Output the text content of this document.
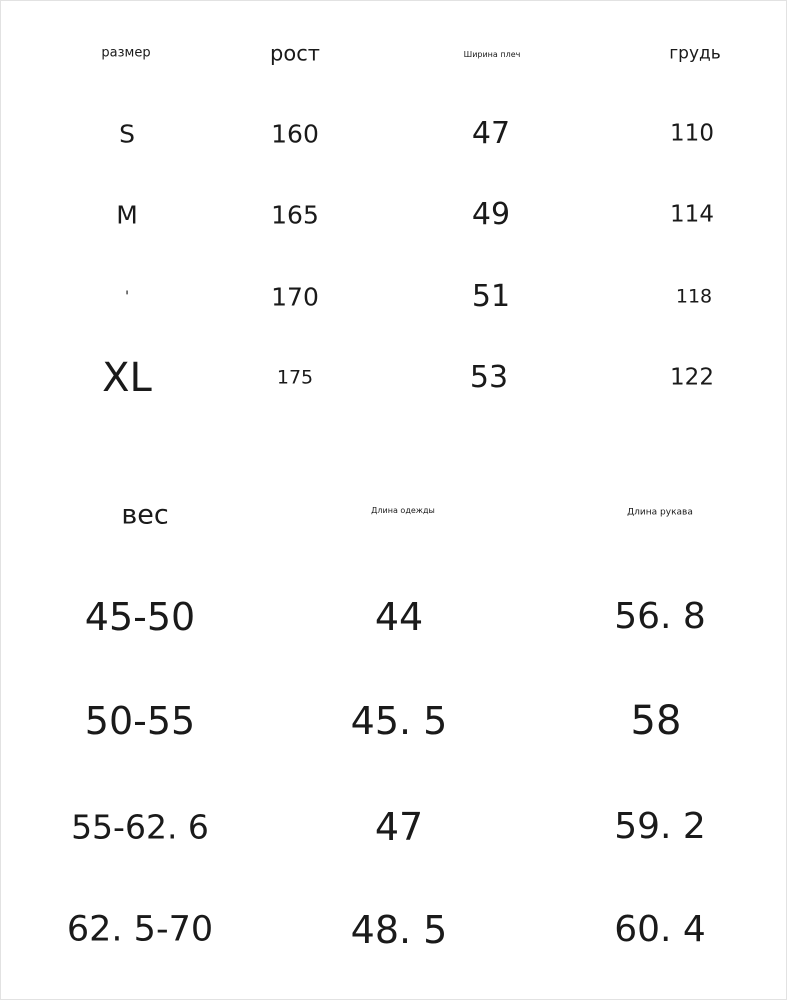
размер	рост	Ширина плеч	грудь
S	160	47	110
M	165	49	114
'	170	51	118
XL	175	53	122
вес	Длина одежды	Длина рукава
45-50	44	56. 8
50-55	45. 5	58
55-62. 6	47	59. 2
62. 5-70	48. 5	60. 4
